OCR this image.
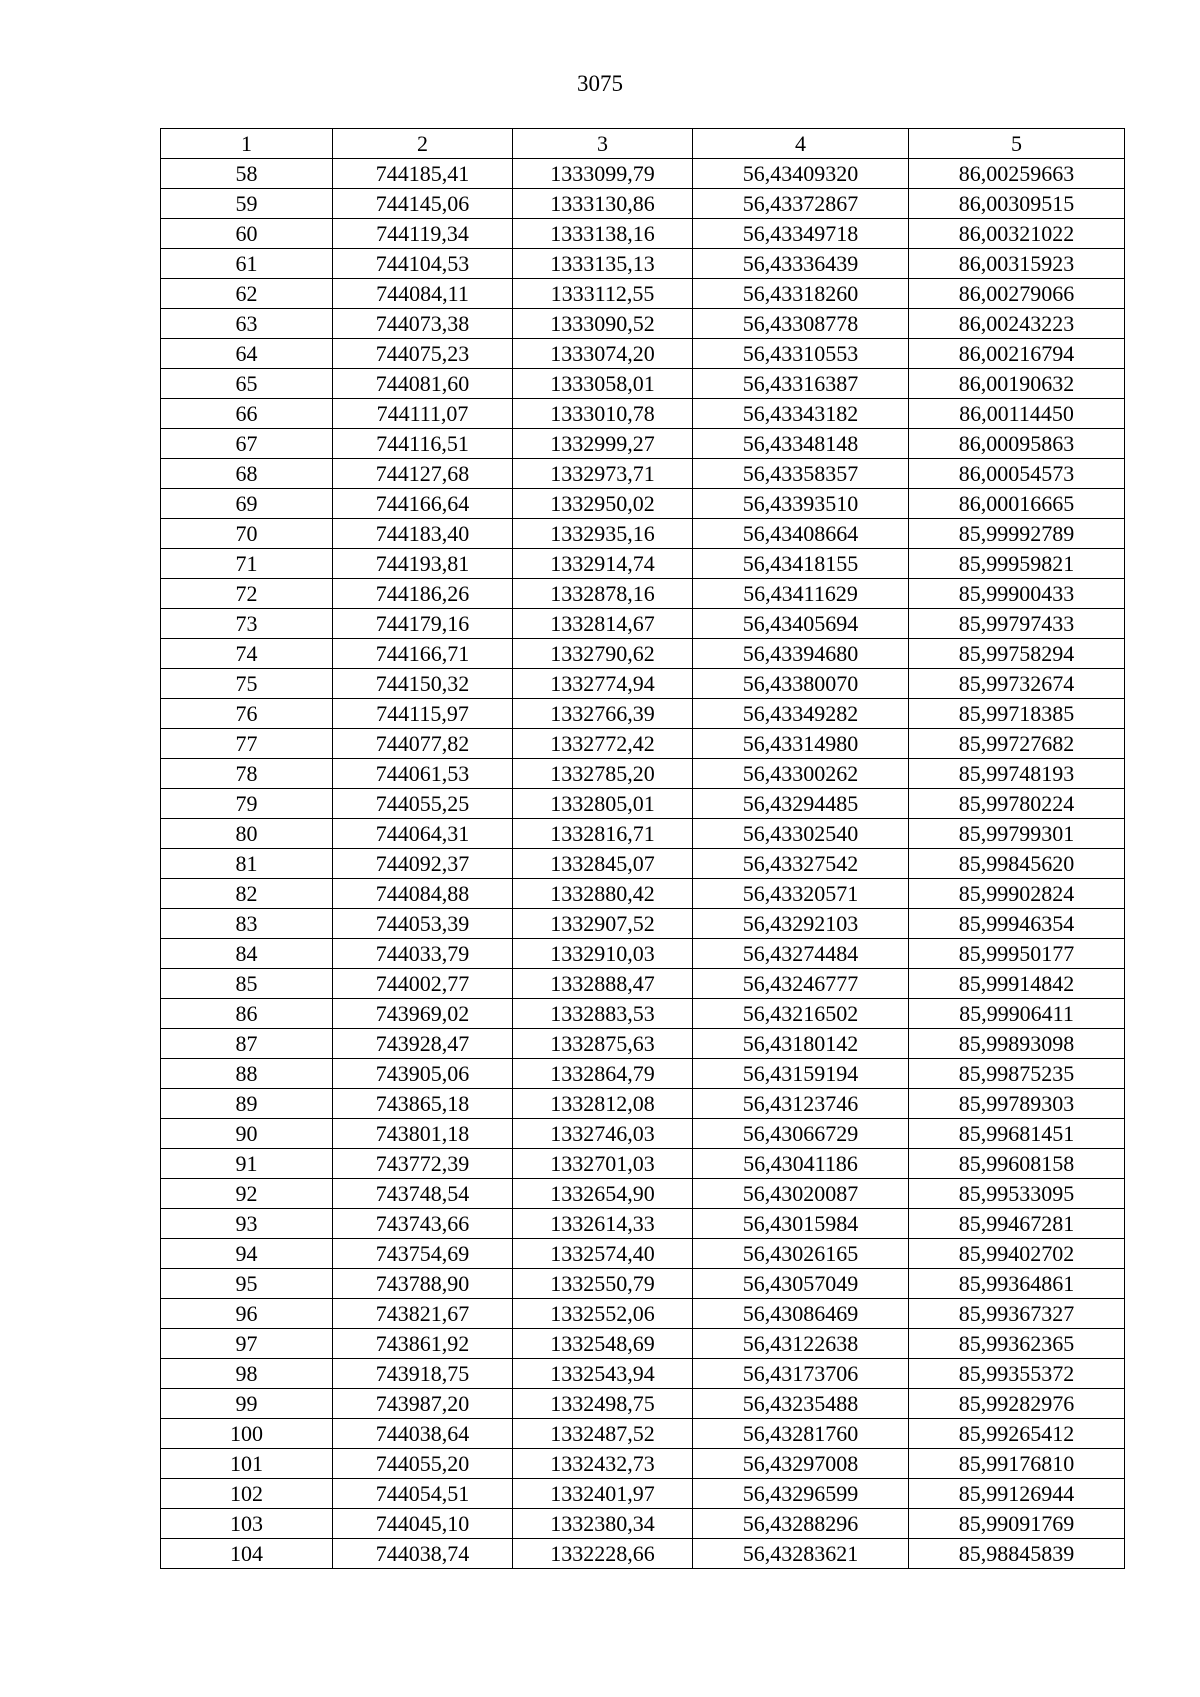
3075
1	2	3	4	5
58	744185,41	1333099,79	56,43409320	86,00259663
59	744145,06	1333130,86	56,43372867	86,00309515
60	744119,34	1333138,16	56,43349718	86,00321022
61	744104,53	1333135,13	56,43336439	86,00315923
62	744084,11	1333112,55	56,43318260	86,00279066
63	744073,38	1333090,52	56,43308778	86,00243223
64	744075,23	1333074,20	56,43310553	86,00216794
65	744081,60	1333058,01	56,43316387	86,00190632
66	744111,07	1333010,78	56,43343182	86,00114450
67	744116,51	1332999,27	56,43348148	86,00095863
68	744127,68	1332973,71	56,43358357	86,00054573
69	744166,64	1332950,02	56,43393510	86,00016665
70	744183,40	1332935,16	56,43408664	85,99992789
71	744193,81	1332914,74	56,43418155	85,99959821
72	744186,26	1332878,16	56,43411629	85,99900433
73	744179,16	1332814,67	56,43405694	85,99797433
74	744166,71	1332790,62	56,43394680	85,99758294
75	744150,32	1332774,94	56,43380070	85,99732674
76	744115,97	1332766,39	56,43349282	85,99718385
77	744077,82	1332772,42	56,43314980	85,99727682
78	744061,53	1332785,20	56,43300262	85,99748193
79	744055,25	1332805,01	56,43294485	85,99780224
80	744064,31	1332816,71	56,43302540	85,99799301
81	744092,37	1332845,07	56,43327542	85,99845620
82	744084,88	1332880,42	56,43320571	85,99902824
83	744053,39	1332907,52	56,43292103	85,99946354
84	744033,79	1332910,03	56,43274484	85,99950177
85	744002,77	1332888,47	56,43246777	85,99914842
86	743969,02	1332883,53	56,43216502	85,99906411
87	743928,47	1332875,63	56,43180142	85,99893098
88	743905,06	1332864,79	56,43159194	85,99875235
89	743865,18	1332812,08	56,43123746	85,99789303
90	743801,18	1332746,03	56,43066729	85,99681451
91	743772,39	1332701,03	56,43041186	85,99608158
92	743748,54	1332654,90	56,43020087	85,99533095
93	743743,66	1332614,33	56,43015984	85,99467281
94	743754,69	1332574,40	56,43026165	85,99402702
95	743788,90	1332550,79	56,43057049	85,99364861
96	743821,67	1332552,06	56,43086469	85,99367327
97	743861,92	1332548,69	56,43122638	85,99362365
98	743918,75	1332543,94	56,43173706	85,99355372
99	743987,20	1332498,75	56,43235488	85,99282976
100	744038,64	1332487,52	56,43281760	85,99265412
101	744055,20	1332432,73	56,43297008	85,99176810
102	744054,51	1332401,97	56,43296599	85,99126944
103	744045,10	1332380,34	56,43288296	85,99091769
104	744038,74	1332228,66	56,43283621	85,98845839
